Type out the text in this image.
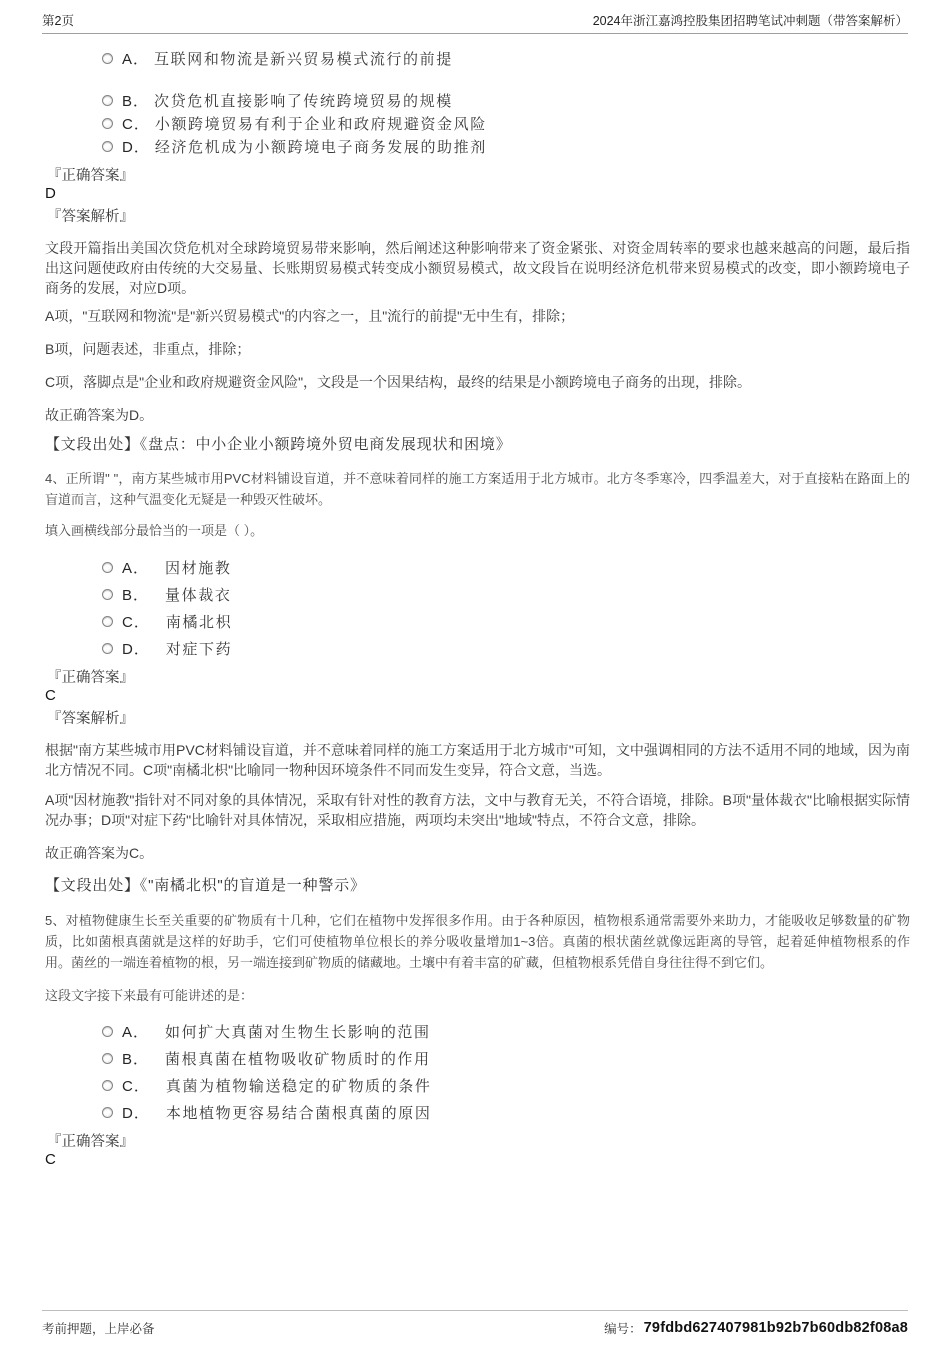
第2页	2024年浙江嘉鸿控股集团招聘笔试冲刺题（带答案解析）
A． 互联网和物流是新兴贸易模式流行的前提
B． 次贷危机直接影响了传统跨境贸易的规模
C． 小额跨境贸易有利于企业和政府规避资金风险
D． 经济危机成为小额跨境电子商务发展的助推剂
『正确答案』
D
『答案解析』

文段开篇指出美国次贷危机对全球跨境贸易带来影响，然后阐述这种影响带来了资金紧张、对资金周转率的要求也越来越高的问题，最后指出这问题使政府由传统的大交易量、长账期贸易模式转变成小额贸易模式，故文段旨在说明经济危机带来贸易模式的改变，即小额跨境电子商务的发展，对应D项。

A项，"互联网和物流"是"新兴贸易模式"的内容之一，且"流行的前提"无中生有，排除；

B项，问题表述，非重点，排除；

C项，落脚点是"企业和政府规避资金风险"，文段是一个因果结构，最终的结果是小额跨境电子商务的出现，排除。

故正确答案为D。

【文段出处】《盘点：中小企业小额跨境外贸电商发展现状和困境》

4、正所谓" "，南方某些城市用PVC材料铺设盲道，并不意味着同样的施工方案适用于北方城市。北方冬季寒冷，四季温差大，对于直接粘在路面上的盲道而言，这种气温变化无疑是一种毁灭性破坏。

填入画横线部分最恰当的一项是（ ）。

A． 因材施教
B． 量体裁衣
C． 南橘北枳
D． 对症下药
『正确答案』
C
『答案解析』

根据"南方某些城市用PVC材料铺设盲道，并不意味着同样的施工方案适用于北方城市"可知，文中强调相同的方法不适用不同的地域，因为南北方情况不同。C项"南橘北枳"比喻同一物种因环境条件不同而发生变异，符合文意，当选。

A项"因材施教"指针对不同对象的具体情况，采取有针对性的教育方法，文中与教育无关，不符合语境，排除。B项"量体裁衣"比喻根据实际情况办事；D项"对症下药"比喻针对具体情况，采取相应措施，两项均未突出"地域"特点，不符合文意，排除。

故正确答案为C。

【文段出处】《"南橘北枳"的盲道是一种警示》

5、对植物健康生长至关重要的矿物质有十几种，它们在植物中发挥很多作用。由于各种原因，植物根系通常需要外来助力，才能吸收足够数量的矿物质，比如菌根真菌就是这样的好助手，它们可使植物单位根长的养分吸收量增加1~3倍。真菌的根状菌丝就像远距离的导管，起着延伸植物根系的作用。菌丝的一端连着植物的根，另一端连接到矿物质的储藏地。土壤中有着丰富的矿藏，但植物根系凭借自身往往得不到它们。

这段文字接下来最有可能讲述的是：

A． 如何扩大真菌对生物生长影响的范围
B． 菌根真菌在植物吸收矿物质时的作用
C． 真菌为植物输送稳定的矿物质的条件
D． 本地植物更容易结合菌根真菌的原因
『正确答案』
C
考前押题，上岸必备	编号： 79fdbd627407981b92b7b60db82f08a8
